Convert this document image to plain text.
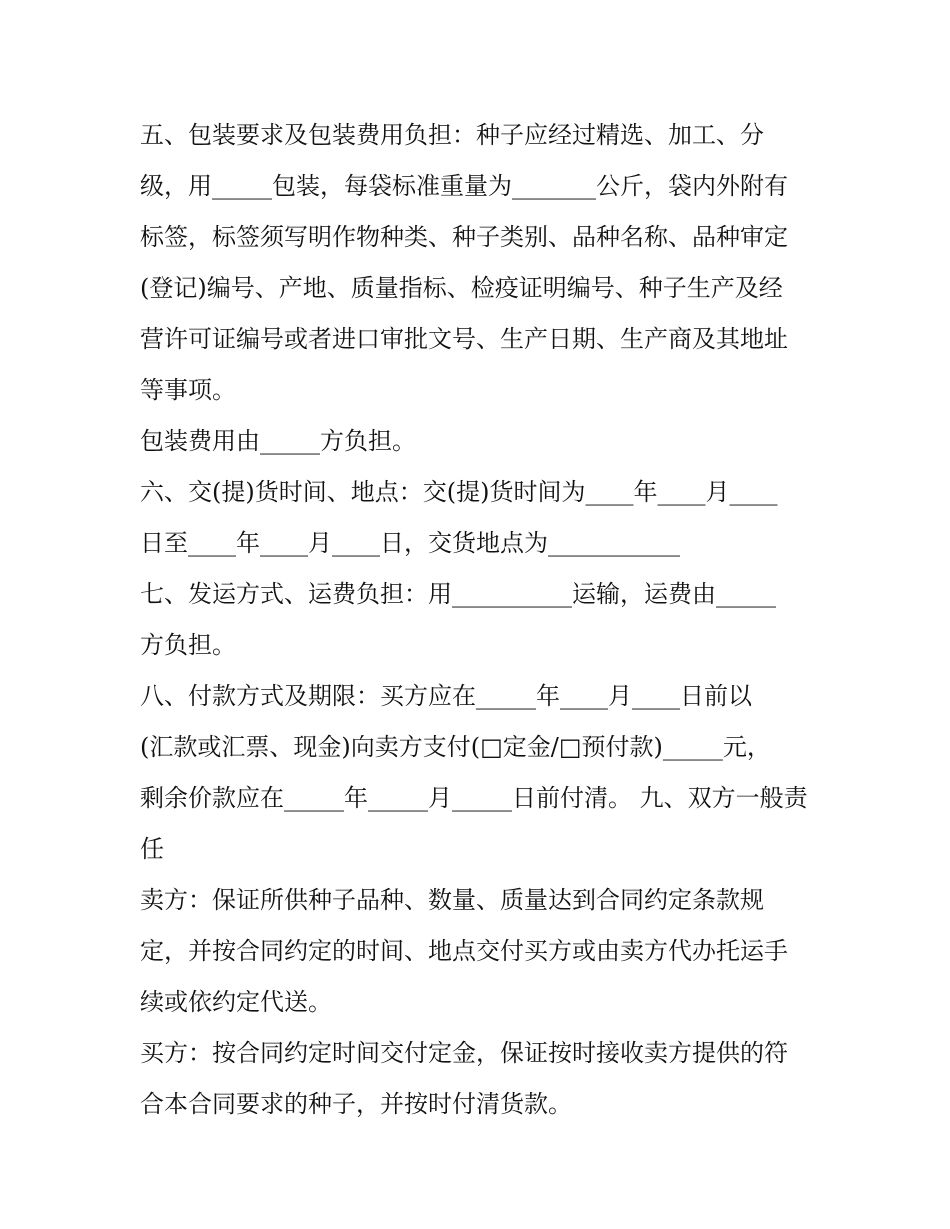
五、包装要求及包装费用负担：种子应经过精选、加工、分
级，用_____包装，每袋标准重量为_______公斤，袋内外附有
标签，标签须写明作物种类、种子类别、品种名称、品种审定
(登记)编号、产地、质量指标、检疫证明编号、种子生产及经
营许可证编号或者进口审批文号、生产日期、生产商及其地址
等事项。
包装费用由_____方负担。
六、交(提)货时间、地点：交(提)货时间为____年____月____
日至____年____月____日，交货地点为___________
七、发运方式、运费负担：用__________运输，运费由_____
方负担。
八、付款方式及期限：买方应在_____年____月____日前以
(汇款或汇票、现金)向卖方支付(□定金/□预付款)_____元，
剩余价款应在_____年_____月_____日前付清。 九、双方一般责
任
卖方：保证所供种子品种、数量、质量达到合同约定条款规
定，并按合同约定的时间、地点交付买方或由卖方代办托运手
续或依约定代送。
买方：按合同约定时间交付定金，保证按时接收卖方提供的符
合本合同要求的种子，并按时付清货款。
